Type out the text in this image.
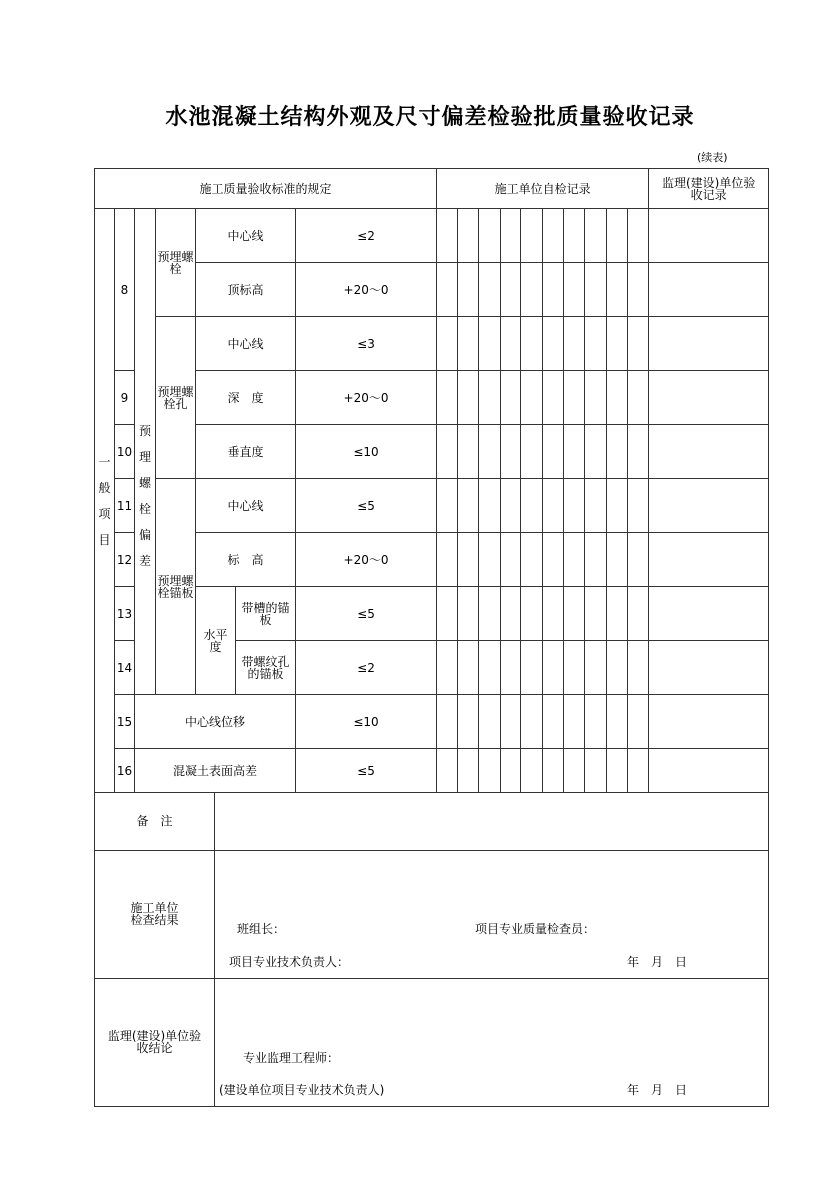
水池混凝土结构外观及尺寸偏差检验批质量验收记录
(续表)
施工质量验收标准的规定							施工单位自检记录										监理(建设)单位验收记录
一般项目	8	预理螺栓偏差	预埋螺栓	中心线		≤2											
				顶标高		+20～0											
			预埋螺栓孔	中心线		≤3											
	9			深　度		+20～0											
	10			垂直度		≤10											
	11		预埋螺栓锚板	中心线		≤5											
	12			标　高		+20～0											
	13			水平度	带槽的锚板	≤5											
	14				带螺纹孔的锚板	≤2											
	15	中心线位移				≤10											
	16	混凝土表面高差				≤5											
备　注	
施工单位检查结果	班组长： 项目专业质量检查员：
项目专业技术负责人： 年　月　日

监理(建设)单位验收结论	专业监理工程师：
(建设单位项目专业技术负责人) 年　月　日
